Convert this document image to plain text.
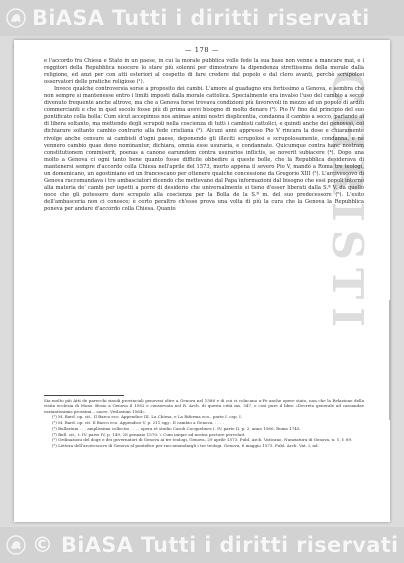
BiASA Tutti i diritti riservati
CHRISTI
— 178 —

e l'accordo fra Chiesa e Stato in un paese, in cui la morale pubblica volle fede la sua base non venne a mancare mai, e i reggitori della Repubblica nuocere lo stare più solenni per dimostrare la dipendenza strettissima della morale dalla religione, ed anzi per con atti esteriori al cospetto di fare credere dal popolo e dal clero avanti, perchè scrupolosi osservatori delle pratiche religiose (¹).

Invece qualche controversia sorse a proposito dei cambi. L'amore al guadagno era fortissimo a Genova, e sembra che non sempre si mantenesse entro i limiti imposti dalla morale cattolica. Specialmente era invalso l'uso del cambio a secco divenuto frequente anche altrove, ma che a Genova forse trovava condizioni più favorevoli in mezzo ad un popolo di arditi commercianti e che in quel secolo fosse più di prima avevi bisogno di molto denaro (²). Pio IV fino dal principio del suo pontificato colla bolla: Cum sicut accepimus nos animas animi nostri displicentia, condanna il cambio a secco, parlando ai di libera soltanto, ma mettendo degli scrupoli nella coscienza di tutti i cambisti cattolici, e quindi anche dei genovesi, col dichiarare soltanto cambio contrario alla fede cristiana (³). Alcuni anni appresso Pio V rincara la dose e chiaramente rivolge anche censure ai cambisti d'ogni paese, deponendo gli illeciti scrupolosi e scrupolosamente, condanna, e ne vennero cambio quae deno nominantur, dichiara, omnia esse usuraria, e condannate. Quicumque contra hanc nostram constitutionem commiserit, poenas a canone earumdem contra usurarios inflictis, se noverit subiacere (⁴). Dopo una molto a Genova ci ogni tanto bene quanto fosse difficile obbedire a queste bolle, che la Repubblica desiderava di mantenersi sempre d'accordo colla Chiesa nell'aprile del 1573, morto appena il severo Pio V, mandò a Roma tre teologi, un domenicano, un agostiniano ed un francescano per ottenere qualche concessione da Gregorio XIII (⁵). L'arcivescovo di Genova raccomandava i tre ambasciatori dicendo che mettevano dal Papa informazioni dal bisogno che essi popoli intorno alla materia de' cambi per ispetti a porre di desiderio che universalmente si tieno d'esser liberati dalla S.ª V. da quello noce che gli potessero dare scrupolo alla coscienza per la Bolla de la S.ª m. del suo predecessore (⁶). L'esito dell'ambasceria non ci conosce; è certo peraltro ch'esse prova una volta di più la cura che la Genova la Repubblica poneva per andare d'accordo colla Chiesa. Quanto

Sia molto più Atti de parecchi sinodi provinciali genovesi oltre a Genova nel 1586 e di cui ci colucano a-Fe anche opere stato, non che la Relazione della visita ecclesia di Mons. Bosio a Genova il 1582 e conservata nel R. Arch. di questa città ms. 347, e così pure il libro «Decreto generale ad cassandae variantissimis prossimi... sacre. Veslasium 1564».

(¹) M. Bard. op. cit., Il Barco eco. Appendice III. La Chiesa, e La Riforma eco., parte I. cap. I.

(²) M. Bard. op. cit. Il Barco eco. Appendice V, p. 211 sgg.: Il cambio a Genova, . . . .

(³) Bullarium . . . amplissima collectio . . . . opera et studio Caroli Cocquelines I. IV, parte II, p. 2, anno 1560, Roma 1745.

(⁴) Bull. cit., t. IV, parte IV, p. 149, 28 gennaio 1570: « Cum inique ad nostra pectore pervoluit.

(⁵) Ordinazioni del doge e dei governatori di Genova ai tre teologi, Genova, 29 aprile 1573. Publ. Arch. Vaticano, Nunziatura di Genova, n. 1, f. 69.

(⁶) Lettera dell'arcivescovo di Genova al pontefice per raccomandargli i tre teologi. Genova, 6 maggio 1573. Publ. Arch. Vat. I, nd.

© BiASA Tutti i diritti riservati
